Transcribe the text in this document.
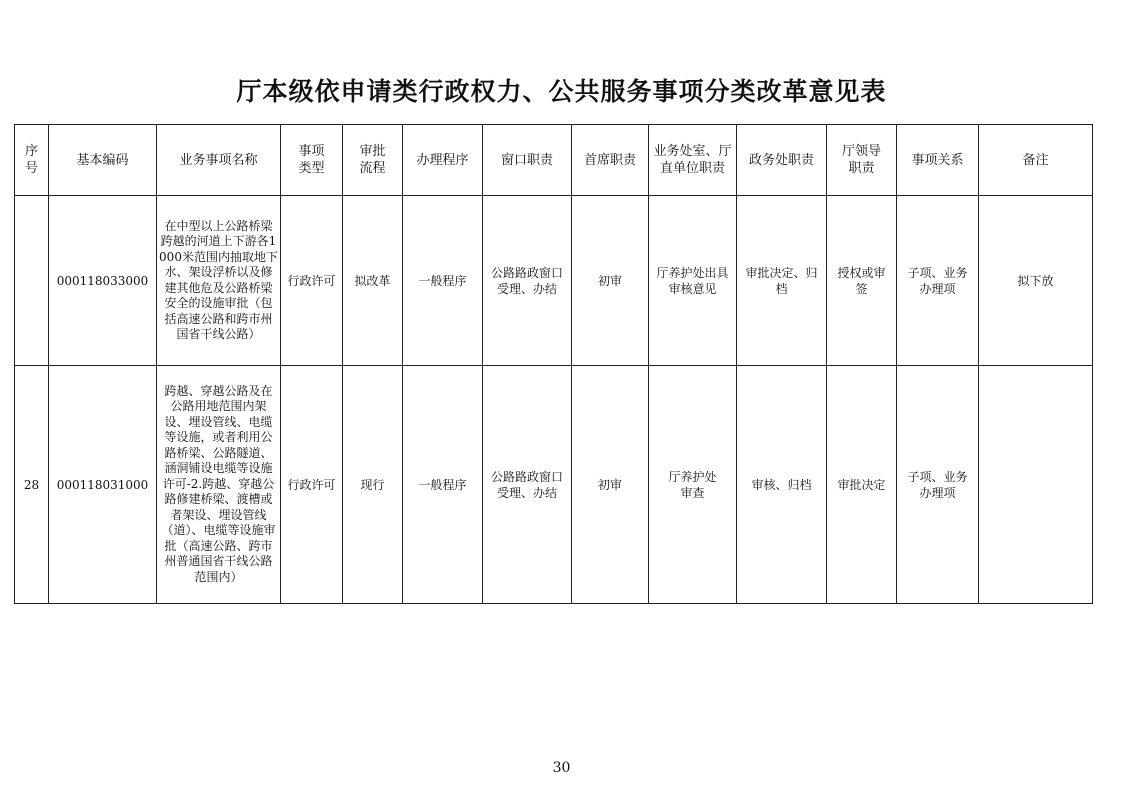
厅本级依申请类行政权力、公共服务事项分类改革意见表
序号	基本编码	业务事项名称	事项类型	审批流程	办理程序	窗口职责	首席职责	业务处室、厅直单位职责	政务处职责	厅领导职责	事项关系	备注
	000118033000	在中型以上公路桥梁跨越的河道上下游各1000米范围内抽取地下水、架设浮桥以及修建其他危及公路桥梁安全的设施审批（包括高速公路和跨市州国省干线公路）	行政许可	拟改革	一般程序	公路路政窗口受理、办结	初审	厅养护处出具审核意见	审批决定、归档	授权或审签	子项、业务办理项	拟下放
28	000118031000	跨越、穿越公路及在公路用地范围内架设、埋设管线、电缆等设施，或者利用公路桥梁、公路隧道、涵洞铺设电缆等设施许可-2.跨越、穿越公路修建桥梁、渡槽或者架设、埋设管线（道）、电缆等设施审批（高速公路、跨市州普通国省干线公路范围内）	行政许可	现行	一般程序	公路路政窗口受理、办结	初审	厅养护处审查	审核、归档	审批决定	子项、业务办理项	
30
